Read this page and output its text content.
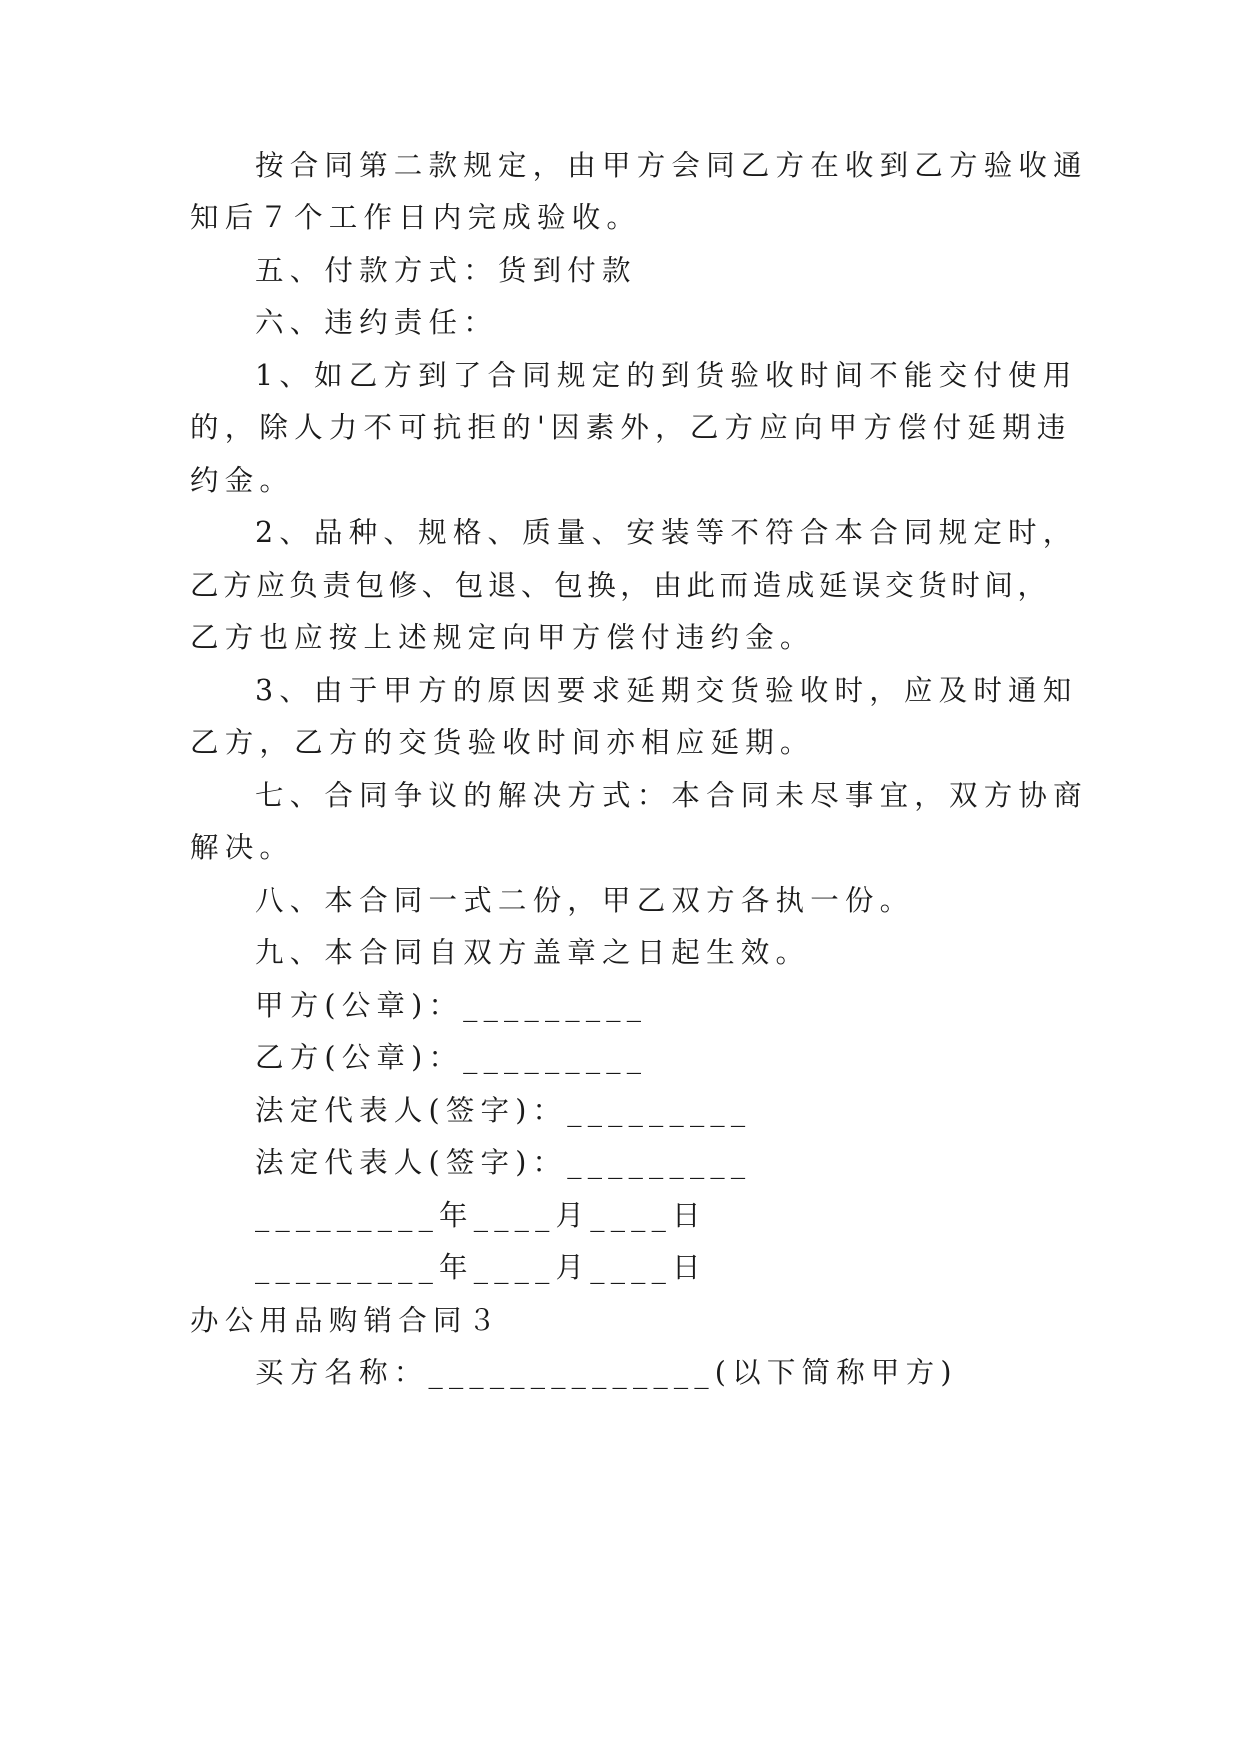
按合同第二款规定，由甲方会同乙方在收到乙方验收通
知后７个工作日内完成验收。
五、付款方式：货到付款
六、违约责任：
1、如乙方到了合同规定的到货验收时间不能交付使用
的，除人力不可抗拒的'因素外，乙方应向甲方偿付延期违
约金。
2、品种、规格、质量、安装等不符合本合同规定时，
乙方应负责包修、包退、包换，由此而造成延误交货时间，
乙方也应按上述规定向甲方偿付违约金。
3、由于甲方的原因要求延期交货验收时，应及时通知
乙方，乙方的交货验收时间亦相应延期。
七、合同争议的解决方式：本合同未尽事宜，双方协商
解决。
八、本合同一式二份，甲乙双方各执一份。
九、本合同自双方盖章之日起生效。
甲方(公章)：_________
乙方(公章)：_________
法定代表人(签字)：_________
法定代表人(签字)：_________
_________年____月____日
_________年____月____日
办公用品购销合同３
买方名称：______________(以下简称甲方)
